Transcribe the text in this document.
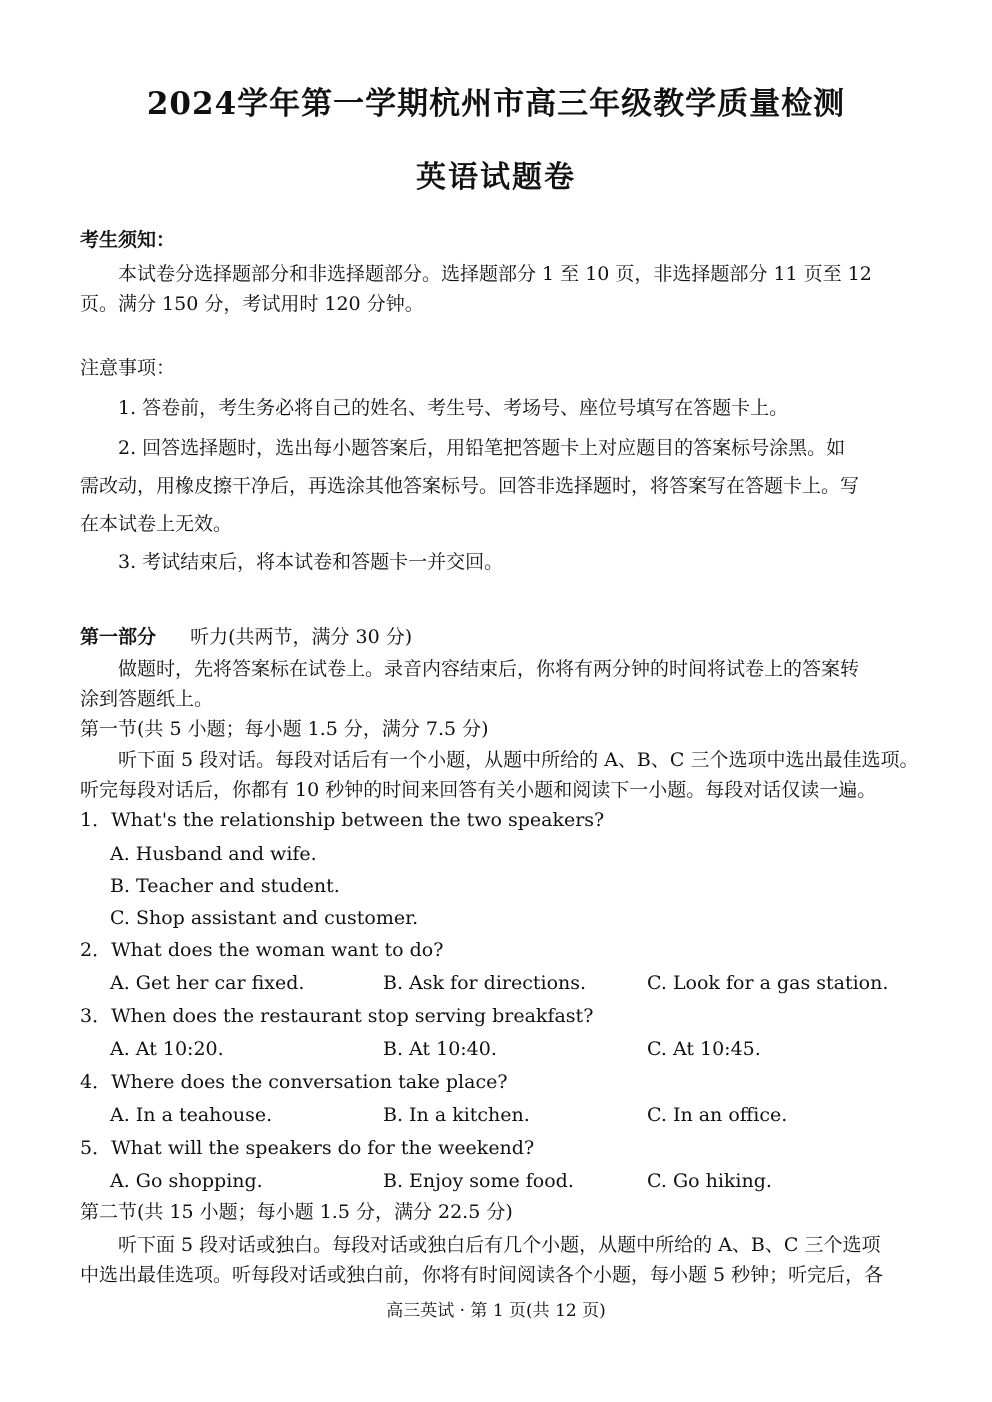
2024学年第一学期杭州市高三年级教学质量检测
英语试题卷
考生须知：
本试卷分选择题部分和非选择题部分。选择题部分 1 至 10 页，非选择题部分 11 页至 12
页。满分 150 分，考试用时 120 分钟。
注意事项：
1. 答卷前，考生务必将自己的姓名、考生号、考场号、座位号填写在答题卡上。
2. 回答选择题时，选出每小题答案后，用铅笔把答题卡上对应题目的答案标号涂黑。如
需改动，用橡皮擦干净后，再选涂其他答案标号。回答非选择题时，将答案写在答题卡上。写
在本试卷上无效。
3. 考试结束后，将本试卷和答题卡一并交回。
第一部分 听力(共两节，满分 30 分)
做题时，先将答案标在试卷上。录音内容结束后，你将有两分钟的时间将试卷上的答案转
涂到答题纸上。
第一节(共 5 小题；每小题 1.5 分，满分 7.5 分)
听下面 5 段对话。每段对话后有一个小题，从题中所给的 A、B、C 三个选项中选出最佳选项。
听完每段对话后，你都有 10 秒钟的时间来回答有关小题和阅读下一小题。每段对话仅读一遍。
1．What's the relationship between the two speakers?
A. Husband and wife.
B. Teacher and student.
C. Shop assistant and customer.
2．What does the woman want to do?
A. Get her car fixed.	B. Ask for directions.	C. Look for a gas station.
3．When does the restaurant stop serving breakfast?
A. At 10:20.	B. At 10:40.	C. At 10:45.
4．Where does the conversation take place?
A. In a teahouse.	B. In a kitchen.	C. In an office.
5．What will the speakers do for the weekend?
A. Go shopping.	B. Enjoy some food.	C. Go hiking.
第二节(共 15 小题；每小题 1.5 分，满分 22.5 分)
听下面 5 段对话或独白。每段对话或独白后有几个小题，从题中所给的 A、B、C 三个选项
中选出最佳选项。听每段对话或独白前，你将有时间阅读各个小题，每小题 5 秒钟；听完后，各
高三英试 · 第 1 页(共 12 页)
